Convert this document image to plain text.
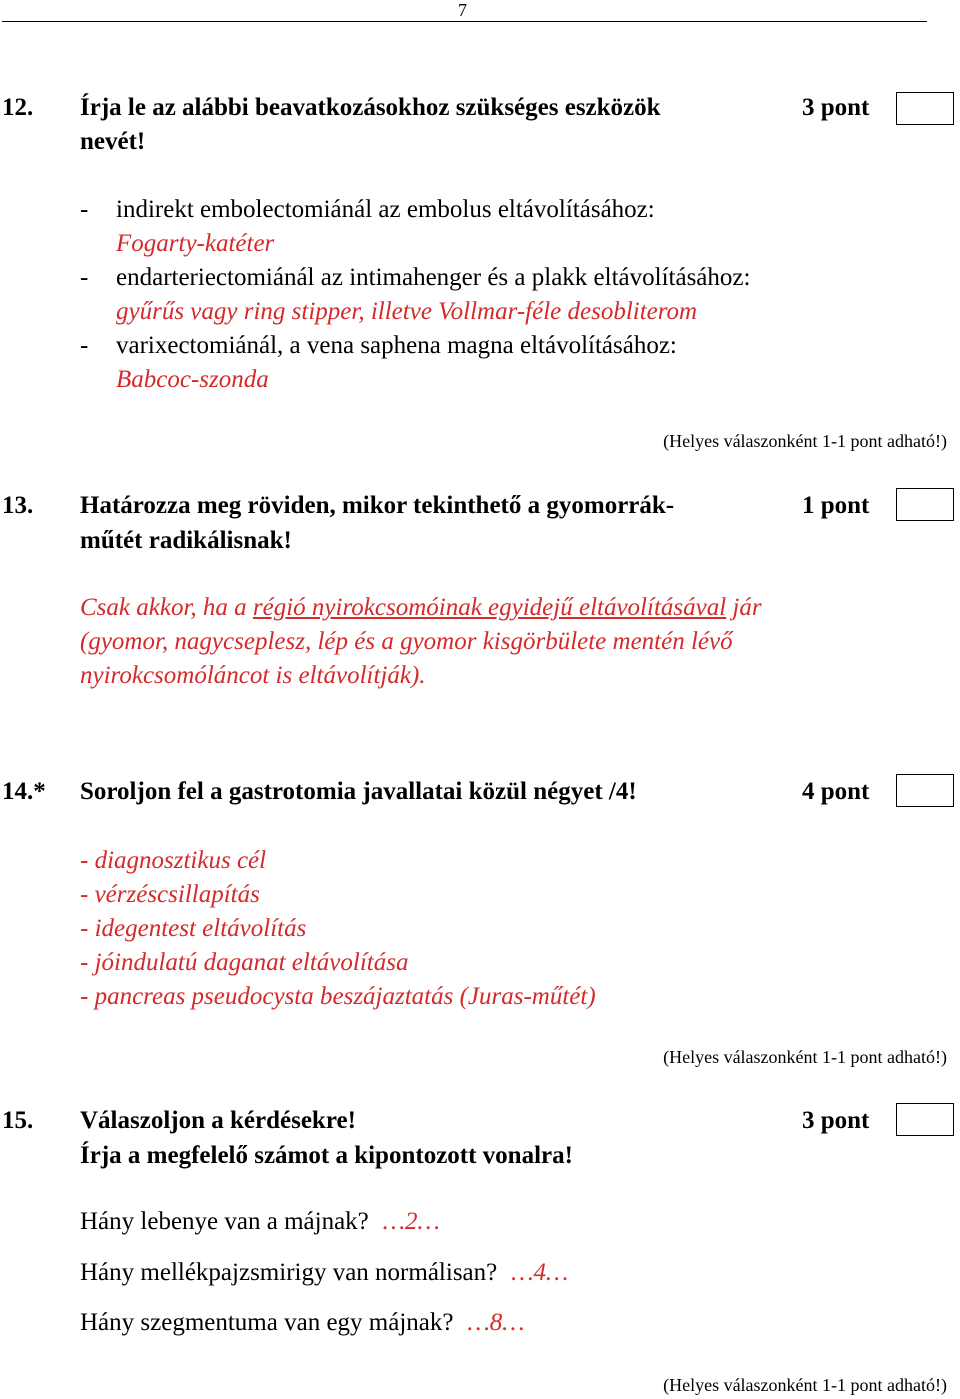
7
12. Írja le az alábbi beavatkozásokhoz szükséges eszközök	3 pont
nevét!
- indirekt embolectomiánál az embolus eltávolításához:
Fogarty-katéter
- endarteriectomiánál az intimahenger és a plakk eltávolításához:
gyűrűs vagy ring stipper, illetve Vollmar-féle desobliterom
- varixectomiánál, a vena saphena magna eltávolításához:
Babcoc-szonda
(Helyes válaszonként 1-1 pont adható!)
13. Határozza meg röviden, mikor tekinthető a gyomorrák-	1 pont
műtét radikálisnak!
Csak akkor, ha a régió nyirokcsomóinak egyidejű eltávolításával jár
(gyomor, nagycseplesz, lép és a gyomor kisgörbülete mentén lévő
nyirokcsomóláncot is eltávolítják).
14.* Soroljon fel a gastrotomia javallatai közül négyet /4!	4 pont
- diagnosztikus cél
- vérzéscsillapítás
- idegentest eltávolítás
- jóindulatú daganat eltávolítása
- pancreas pseudocysta beszájaztatás (Juras-műtét)
(Helyes válaszonként 1-1 pont adható!)
15. Válaszoljon a kérdésekre!	3 pont
Írja a megfelelő számot a kipontozott vonalra!
Hány lebenye van a májnak? …2…
Hány mellékpajzsmirigy van normálisan? …4…
Hány szegmentuma van egy májnak? …8…
(Helyes válaszonként 1-1 pont adható!)
